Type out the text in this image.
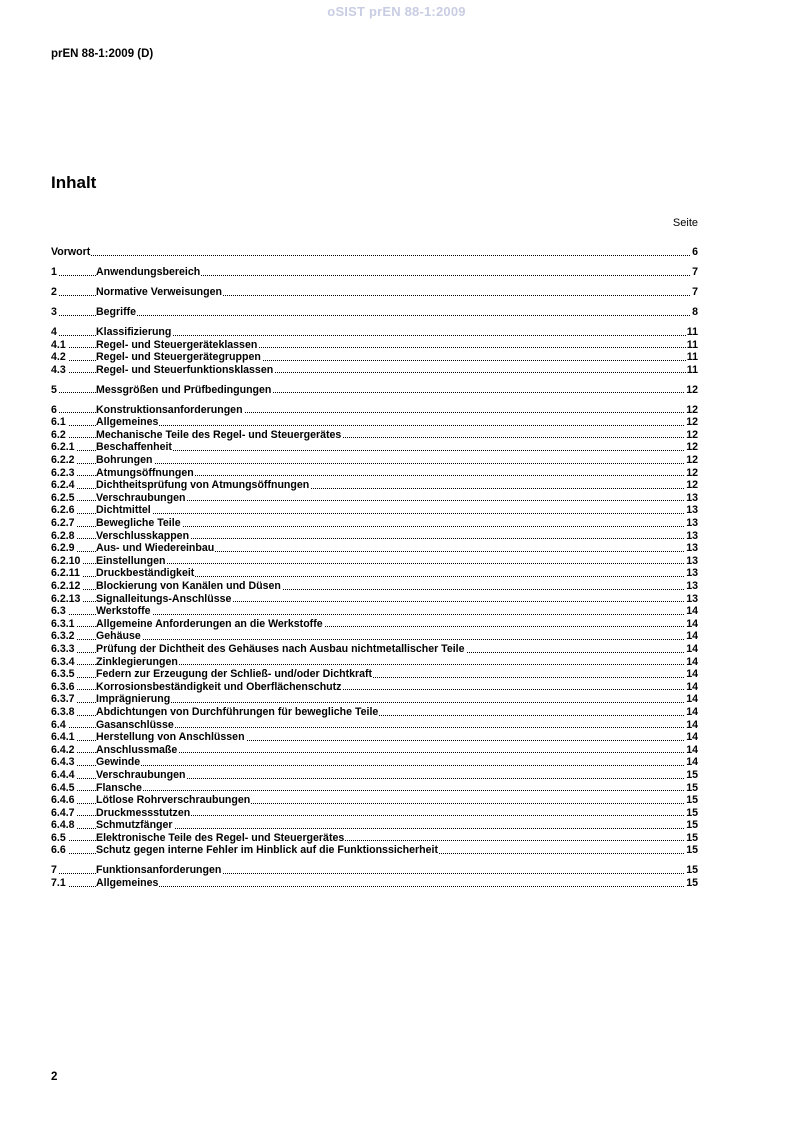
oSIST prEN 88-1:2009
prEN 88-1:2009 (D)
Inhalt
Seite
Vorwort	6
1	Anwendungsbereich	7
2	Normative Verweisungen	7
3	Begriffe	8
4	Klassifizierung	11
4.1	Regel- und Steuergeräteklassen	11
4.2	Regel- und Steuergerätegruppen	11
4.3	Regel- und Steuerfunktionsklassen	11
5	Messgrößen und Prüfbedingungen	12
6	Konstruktionsanforderungen	12
6.1	Allgemeines	12
6.2	Mechanische Teile des Regel- und Steuergerätes	12
6.2.1 Beschaffenheit	12
6.2.2 Bohrungen	12
6.2.3 Atmungsöffnungen	12
6.2.4 Dichtheitsprüfung von Atmungsöffnungen	12
6.2.5 Verschraubungen	13
6.2.6 Dichtmittel	13
6.2.7 Bewegliche Teile	13
6.2.8 Verschlusskappen	13
6.2.9 Aus- und Wiedereinbau	13
6.2.10 Einstellungen	13
6.2.11 Druckbeständigkeit	13
6.2.12 Blockierung von Kanälen und Düsen	13
6.2.13 Signalleitungs-Anschlüsse	13
6.3	Werkstoffe	14
6.3.1 Allgemeine Anforderungen an die Werkstoffe	14
6.3.2 Gehäuse	14
6.3.3 Prüfung der Dichtheit des Gehäuses nach Ausbau nichtmetallischer Teile	14
6.3.4 Zinklegierungen	14
6.3.5 Federn zur Erzeugung der Schließ- und/oder Dichtkraft	14
6.3.6 Korrosionsbeständigkeit und Oberflächenschutz	14
6.3.7 Imprägnierung	14
6.3.8 Abdichtungen von Durchführungen für bewegliche Teile	14
6.4	Gasanschlüsse	14
6.4.1 Herstellung von Anschlüssen	14
6.4.2 Anschlussmaße	14
6.4.3 Gewinde	14
6.4.4 Verschraubungen	15
6.4.5 Flansche	15
6.4.6 Lötlose Rohrverschraubungen	15
6.4.7 Druckmessstutzen	15
6.4.8 Schmutzfänger	15
6.5	Elektronische Teile des Regel- und Steuergerätes	15
6.6	Schutz gegen interne Fehler im Hinblick auf die Funktionssicherheit	15
7	Funktionsanforderungen	15
7.1	Allgemeines	15
2
